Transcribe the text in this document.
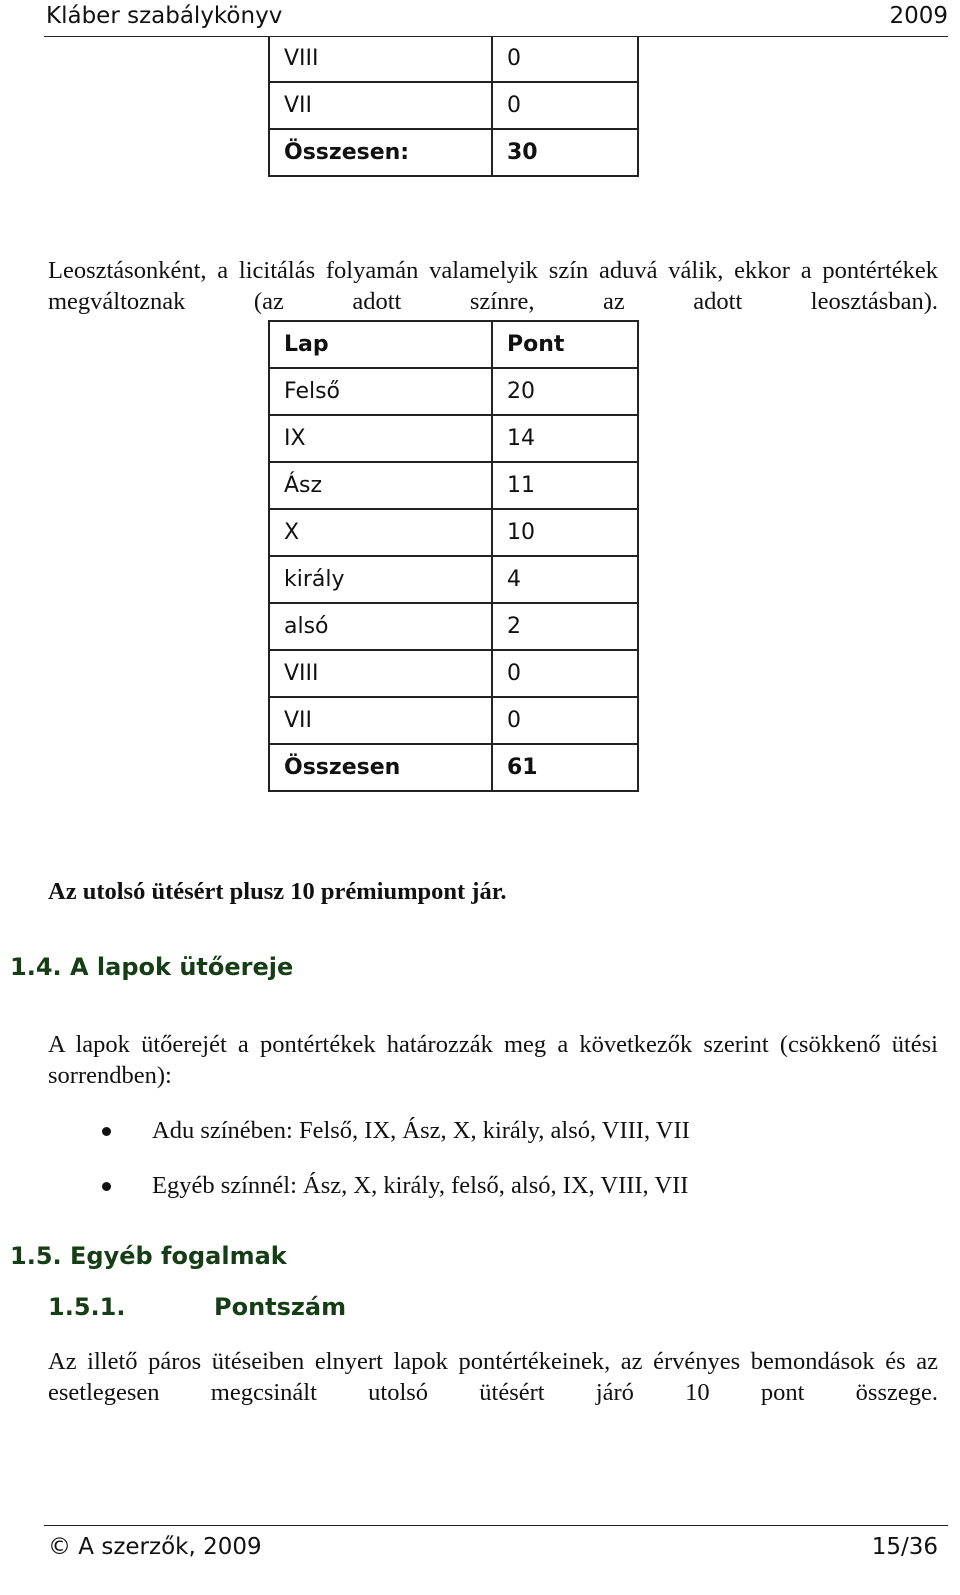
Kláber szabálykönyv	2009
VIII	0
VII	0
Összesen:	30
Leosztásonként, a licitálás folyamán valamelyik szín aduvá válik, ekkor a pontértékek megváltoznak (az adott színre, az adott leosztásban).
Lap	Pont
Felső	20
IX	14
Ász	11
X	10
király	4
alsó	2
VIII	0
VII	0
Összesen	61
Az utolsó ütésért plusz 10 prémiumpont jár.
1.4. A lapok ütőereje
A lapok ütőerejét a pontértékek határozzák meg a következők szerint (csökkenő ütési sorrendben):
Adu színében: Felső, IX, Ász, X, király, alsó, VIII, VII
Egyéb színnél: Ász, X, király, felső, alsó, IX, VIII, VII
1.5. Egyéb fogalmak
1.5.1.	Pontszám
Az illető páros ütéseiben elnyert lapok pontértékeinek, az érvényes bemondások és az esetlegesen megcsinált utolsó ütésért járó 10 pont összege.
© A szerzők, 2009	15/36
